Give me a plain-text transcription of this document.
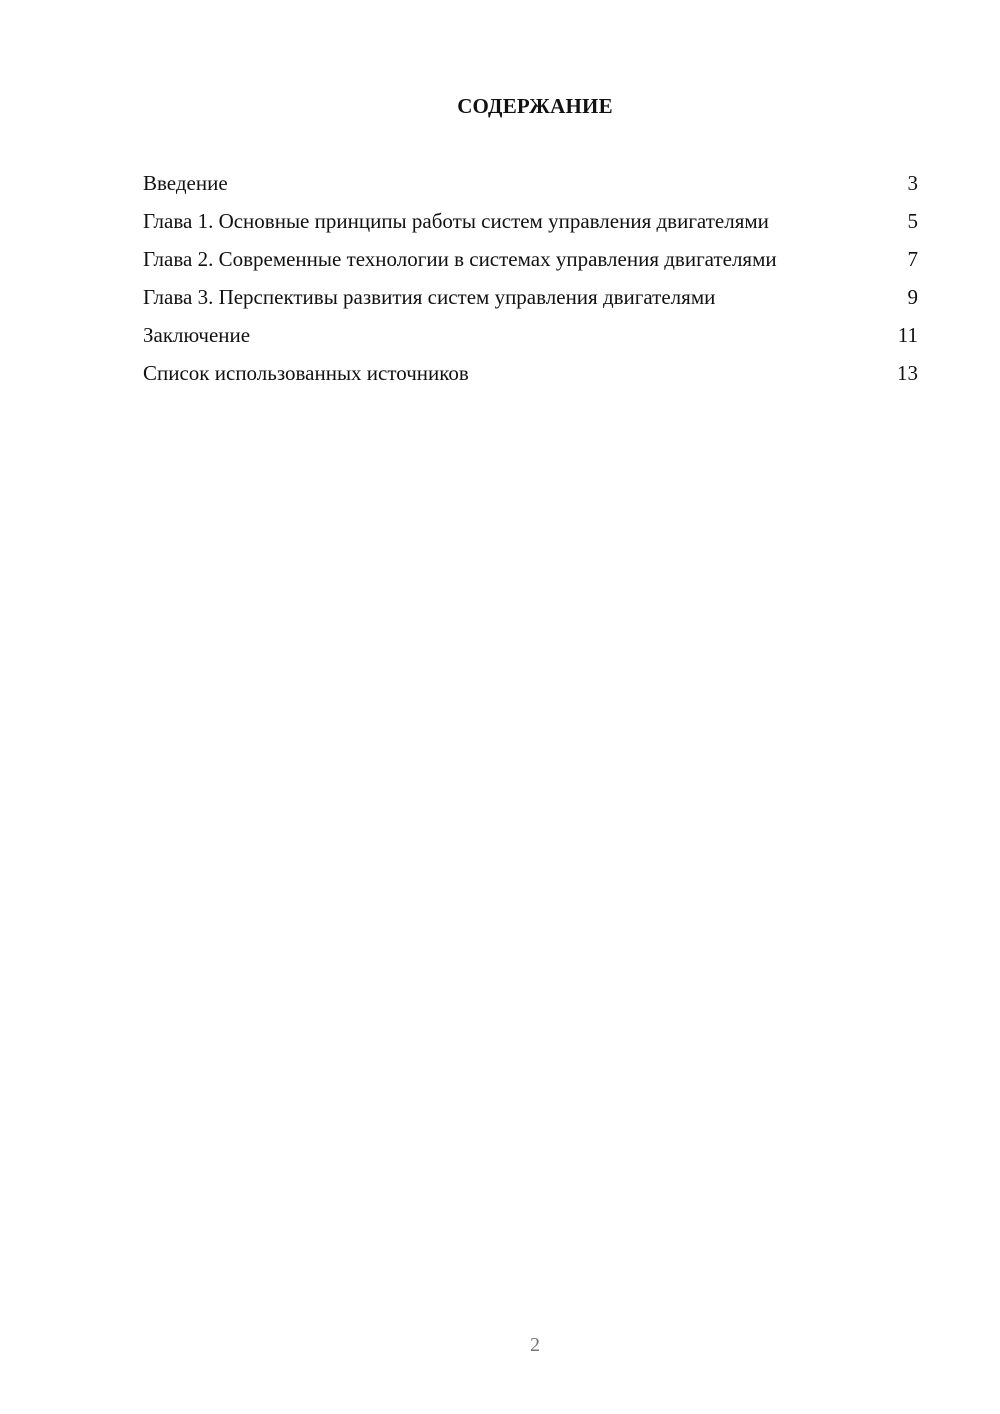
СОДЕРЖАНИЕ
Введение	3
Глава 1. Основные принципы работы систем управления двигателями	5
Глава 2. Современные технологии в системах управления двигателями	7
Глава 3. Перспективы развития систем управления двигателями	9
Заключение	11
Список использованных источников	13
2
